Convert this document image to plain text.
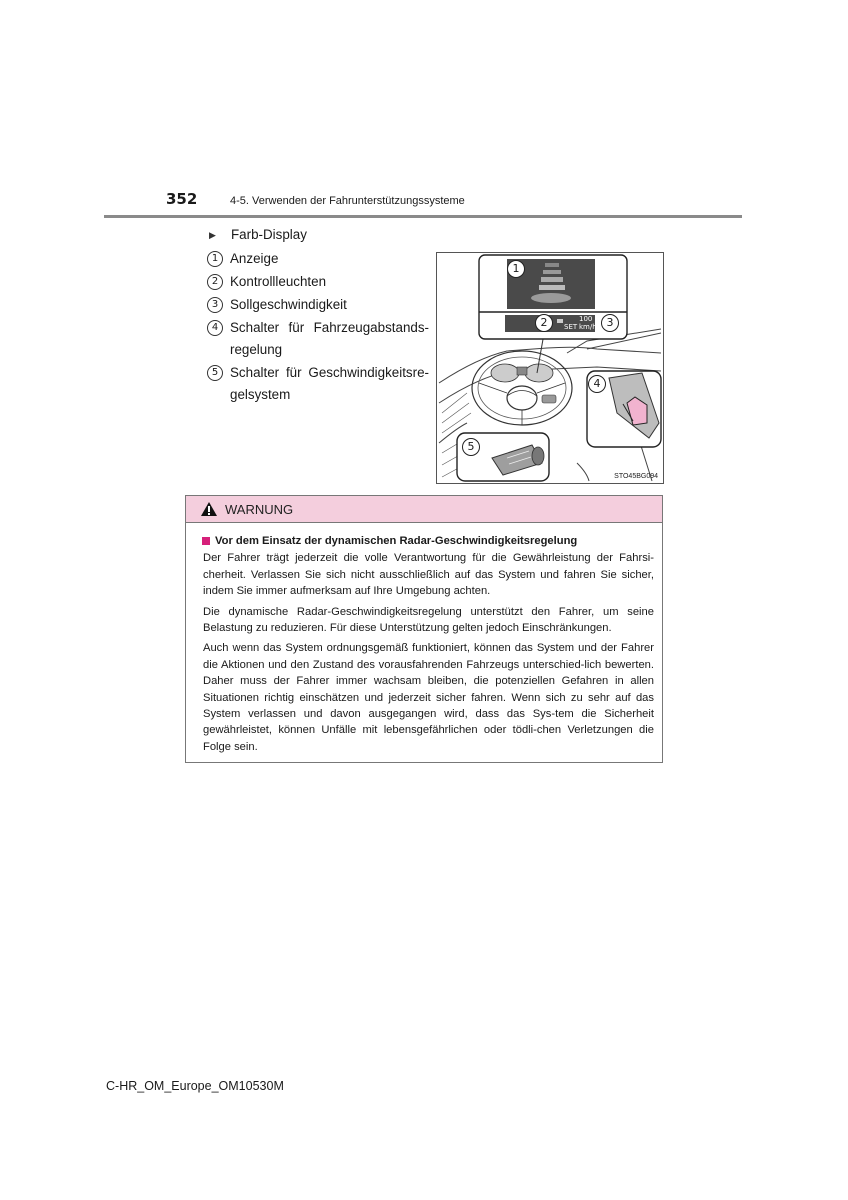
352	4-5. Verwenden der Fahrunterstützungssysteme
▶	Farb-Display
1 Anzeige
2 Kontrollleuchten
3 Sollgeschwindigkeit
4 Schalter für Fahrzeugabstands-regelung
5 Schalter für Geschwindigkeitsre-gelsystem
1
2	3
4
5
100
SET km/h
STO45BG094
WARNUNG
Vor dem Einsatz der dynamischen Radar-Geschwindigkeitsregelung

Der Fahrer trägt jederzeit die volle Verantwortung für die Gewährleistung der Fahrsi-cherheit. Verlassen Sie sich nicht ausschließlich auf das System und fahren Sie sicher, indem Sie immer aufmerksam auf Ihre Umgebung achten.

Die dynamische Radar-Geschwindigkeitsregelung unterstützt den Fahrer, um seine Belastung zu reduzieren. Für diese Unterstützung gelten jedoch Einschränkungen.

Auch wenn das System ordnungsgemäß funktioniert, können das System und der Fahrer die Aktionen und den Zustand des vorausfahrenden Fahrzeugs unterschied-lich bewerten. Daher muss der Fahrer immer wachsam bleiben, die potenziellen Gefahren in allen Situationen richtig einschätzen und jederzeit sicher fahren. Wenn sich zu sehr auf das System verlassen und davon ausgegangen wird, dass das Sys-tem die Sicherheit gewährleistet, können Unfälle mit lebensgefährlichen oder tödli-chen Verletzungen die Folge sein.

C-HR_OM_Europe_OM10530M
